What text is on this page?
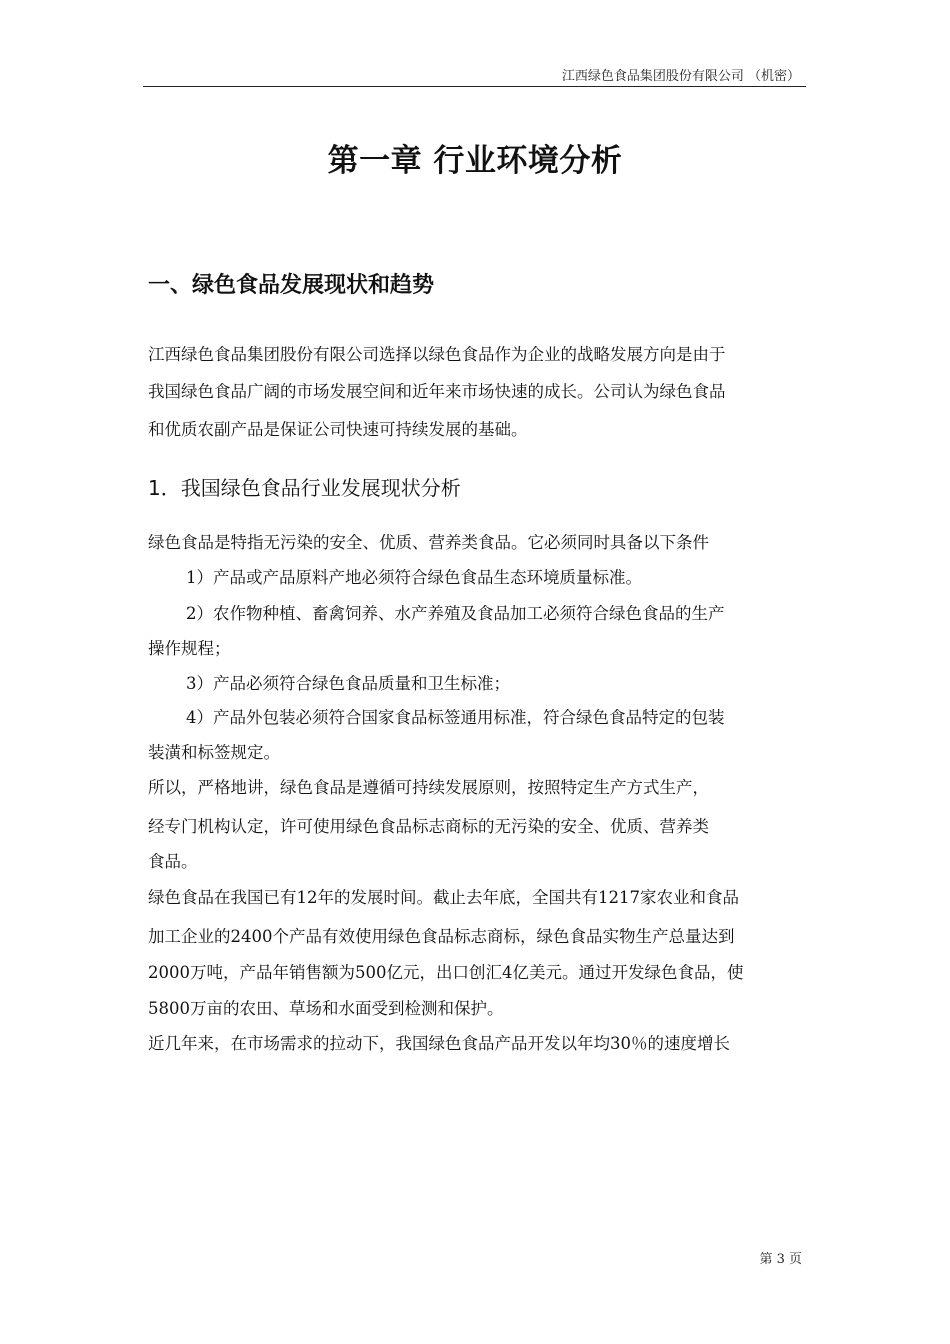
江西绿色食品集团股份有限公司 （机密）
第一章 行业环境分析
一、绿色食品发展现状和趋势
江西绿色食品集团股份有限公司选择以绿色食品作为企业的战略发展方向是由于
我国绿色食品广阔的市场发展空间和近年来市场快速的成长。公司认为绿色食品
和优质农副产品是保证公司快速可持续发展的基础。
1．我国绿色食品行业发展现状分析
绿色食品是特指无污染的安全、优质、营养类食品。它必须同时具备以下条件
1）产品或产品原料产地必须符合绿色食品生态环境质量标准。
2）农作物种植、畜禽饲养、水产养殖及食品加工必须符合绿色食品的生产
操作规程；
3）产品必须符合绿色食品质量和卫生标准；
4）产品外包装必须符合国家食品标签通用标准，符合绿色食品特定的包装
装潢和标签规定。
所以，严格地讲，绿色食品是遵循可持续发展原则，按照特定生产方式生产，
经专门机构认定，许可使用绿色食品标志商标的无污染的安全、优质、营养类
食品。
绿色食品在我国已有12年的发展时间。截止去年底，全国共有1217家农业和食品
加工企业的2400个产品有效使用绿色食品标志商标，绿色食品实物生产总量达到
2000万吨，产品年销售额为500亿元，出口创汇4亿美元。通过开发绿色食品，使
5800万亩的农田、草场和水面受到检测和保护。
近几年来，在市场需求的拉动下，我国绿色食品产品开发以年均30％的速度增长
第 3 页
